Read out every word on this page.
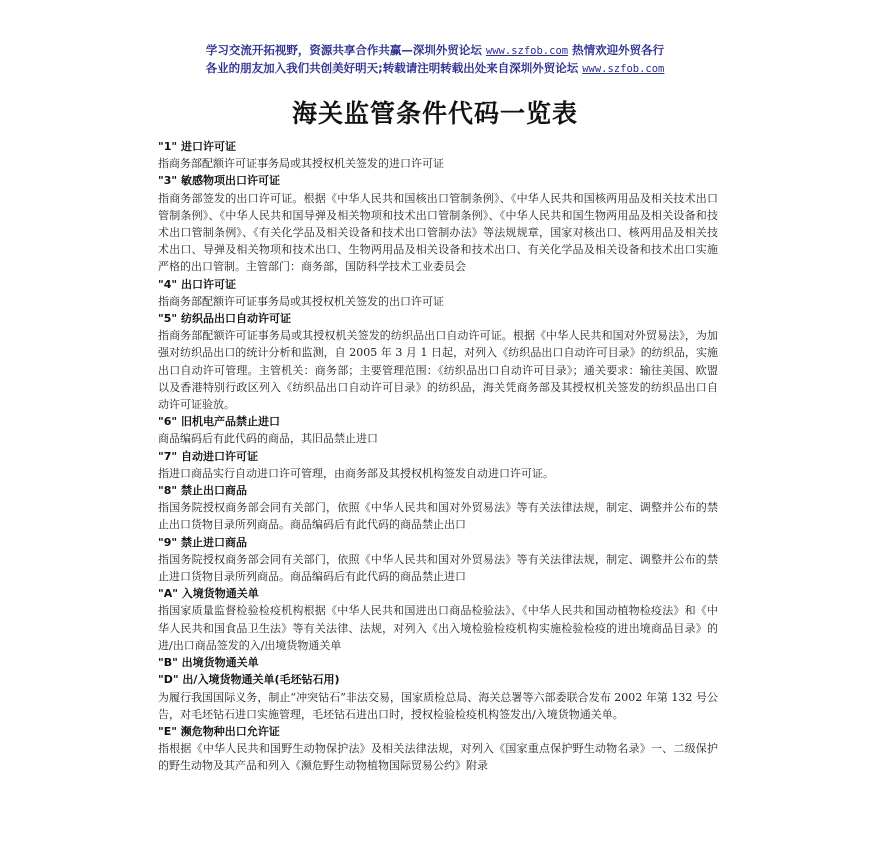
学习交流开拓视野，资源共享合作共赢—深圳外贸论坛 www.szfob.com 热情欢迎外贸各行
各业的朋友加入我们共创美好明天;转载请注明转载出处来自深圳外贸论坛 www.szfob.com
海关监管条件代码一览表
"1" 进口许可证

指商务部配额许可证事务局或其授权机关签发的进口许可证

"3" 敏感物项出口许可证

指商务部签发的出口许可证。根据《中华人民共和国核出口管制条例》、《中华人民共和国核两用品及相关技术出口管制条例》、《中华人民共和国导弹及相关物项和技术出口管制条例》、《中华人民共和国生物两用品及相关设备和技术出口管制条例》、《有关化学品及相关设备和技术出口管制办法》等法规规章，国家对核出口、核两用品及相关技术出口、导弹及相关物项和技术出口、生物两用品及相关设备和技术出口、有关化学品及相关设备和技术出口实施严格的出口管制。主管部门：商务部，国防科学技术工业委员会

"4" 出口许可证

指商务部配额许可证事务局或其授权机关签发的出口许可证

"5" 纺织品出口自动许可证

指商务部配额许可证事务局或其授权机关签发的纺织品出口自动许可证。根据《中华人民共和国对外贸易法》，为加强对纺织品出口的统计分析和监测，自 2005 年 3 月 1 日起，对列入《纺织品出口自动许可目录》的纺织品，实施出口自动许可管理。主管机关：商务部；主要管理范围：《纺织品出口自动许可目录》；通关要求：输往美国、欧盟以及香港特别行政区列入《纺织品出口自动许可目录》的纺织品，海关凭商务部及其授权机关签发的纺织品出口自动许可证验放。

"6" 旧机电产品禁止进口

商品编码后有此代码的商品，其旧品禁止进口

"7" 自动进口许可证

指进口商品实行自动进口许可管理，由商务部及其授权机构签发自动进口许可证。

"8" 禁止出口商品

指国务院授权商务部会同有关部门，依照《中华人民共和国对外贸易法》等有关法律法规，制定、调整并公布的禁止出口货物目录所列商品。商品编码后有此代码的商品禁止出口

"9" 禁止进口商品

指国务院授权商务部会同有关部门，依照《中华人民共和国对外贸易法》等有关法律法规，制定、调整并公布的禁止进口货物目录所列商品。商品编码后有此代码的商品禁止进口

"A" 入境货物通关单

指国家质量监督检验检疫机构根据《中华人民共和国进出口商品检验法》、《中华人民共和国动植物检疫法》和《中华人民共和国食品卫生法》等有关法律、法规，对列入《出入境检验检疫机构实施检验检疫的进出境商品目录》的进/出口商品签发的入/出境货物通关单

"B" 出境货物通关单
"D" 出/入境货物通关单(毛坯钻石用)

为履行我国国际义务，制止“冲突钻石”非法交易，国家质检总局、海关总署等六部委联合发布 2002 年第 132 号公告，对毛坯钻石进口实施管理，毛坯钻石进出口时，授权检验检疫机构签发出/入境货物通关单。

"E" 濒危物种出口允许证

指根据《中华人民共和国野生动物保护法》及相关法律法规，对列入《国家重点保护野生动物名录》一、二级保护的野生动物及其产品和列入《濒危野生动物植物国际贸易公约》附录
